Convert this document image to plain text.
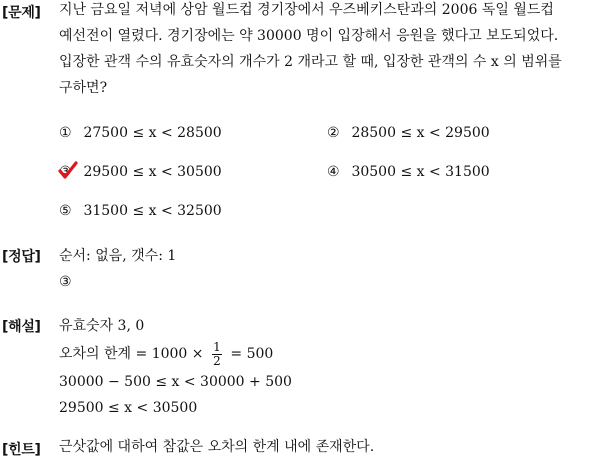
[문제] 지난 금요일 저녁에 상암 월드컵 경기장에서 우즈베키스탄과의 2006 독일 월드컵
예선전이 열렸다. 경기장에는 약 30000 명이 입장해서 응원을 했다고 보도되었다.
입장한 관객 수의 유효숫자의 개수가 2 개라고 할 때, 입장한 관객의 수 x 의 범위를
구하면?
① 27500 ≤ x < 28500	② 28500 ≤ x < 29500
③ 29500 ≤ x < 30500	④ 30500 ≤ x < 31500
⑤ 31500 ≤ x < 32500
[정답] 순서: 없음, 갯수: 1
③
[해설] 유효숫자 3, 0
오차의 한계 = $1000 \times \frac{1}{2} = 500$
30000 − 500 ≤ x < 30000 + 500
29500 ≤ x < 30500
[힌트] 근삿값에 대하여 참값은 오차의 한계 내에 존재한다.
